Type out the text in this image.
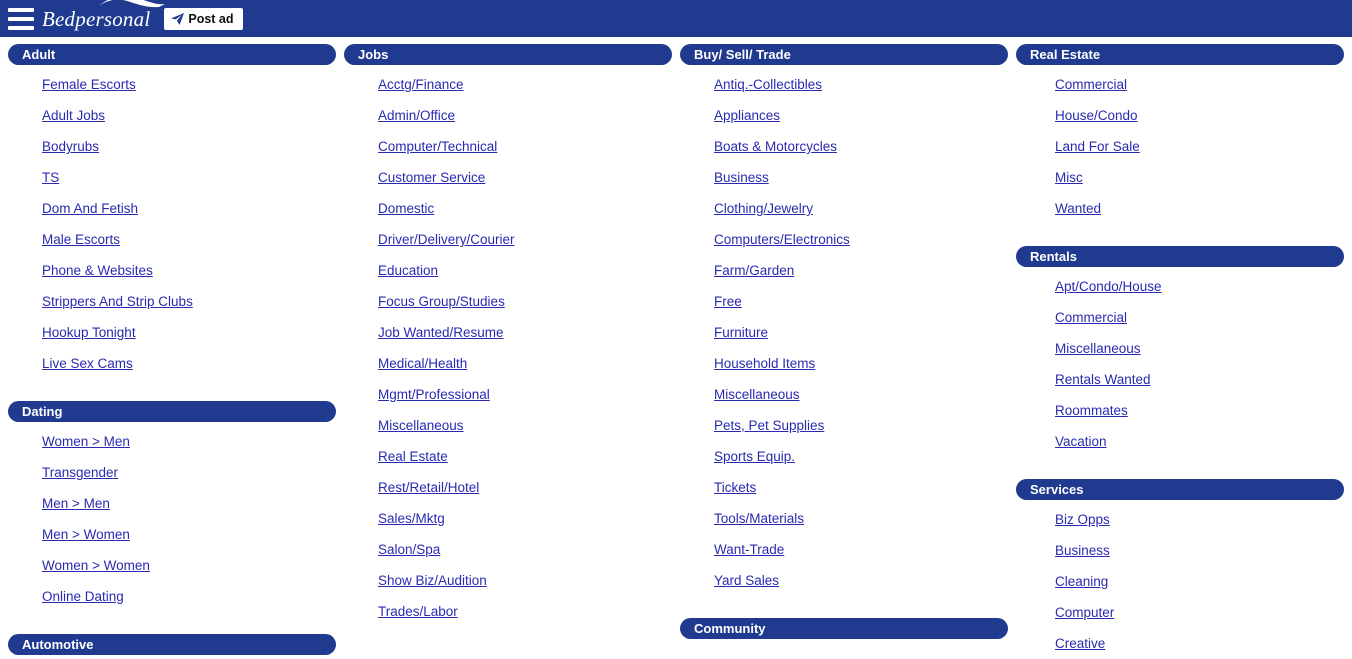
Bedpersonal	Post ad
Adult
Female Escorts
Adult Jobs
Bodyrubs
TS
Dom And Fetish
Male Escorts
Phone & Websites
Strippers And Strip Clubs
Hookup Tonight
Live Sex Cams
Dating
Women > Men
Transgender
Men > Men
Men > Women
Women > Women
Online Dating
Automotive
Jobs
Acctg/Finance
Admin/Office
Computer/Technical
Customer Service
Domestic
Driver/Delivery/Courier
Education
Focus Group/Studies
Job Wanted/Resume
Medical/Health
Mgmt/Professional
Miscellaneous
Real Estate
Rest/Retail/Hotel
Sales/Mktg
Salon/Spa
Show Biz/Audition
Trades/Labor
Buy/ Sell/ Trade
Antiq.-Collectibles
Appliances
Boats & Motorcycles
Business
Clothing/Jewelry
Computers/Electronics
Farm/Garden
Free
Furniture
Household Items
Miscellaneous
Pets, Pet Supplies
Sports Equip.
Tickets
Tools/Materials
Want-Trade
Yard Sales
Community
Real Estate
Commercial
House/Condo
Land For Sale
Misc
Wanted
Rentals
Apt/Condo/House
Commercial
Miscellaneous
Rentals Wanted
Roommates
Vacation
Services
Biz Opps
Business
Cleaning
Computer
Creative
